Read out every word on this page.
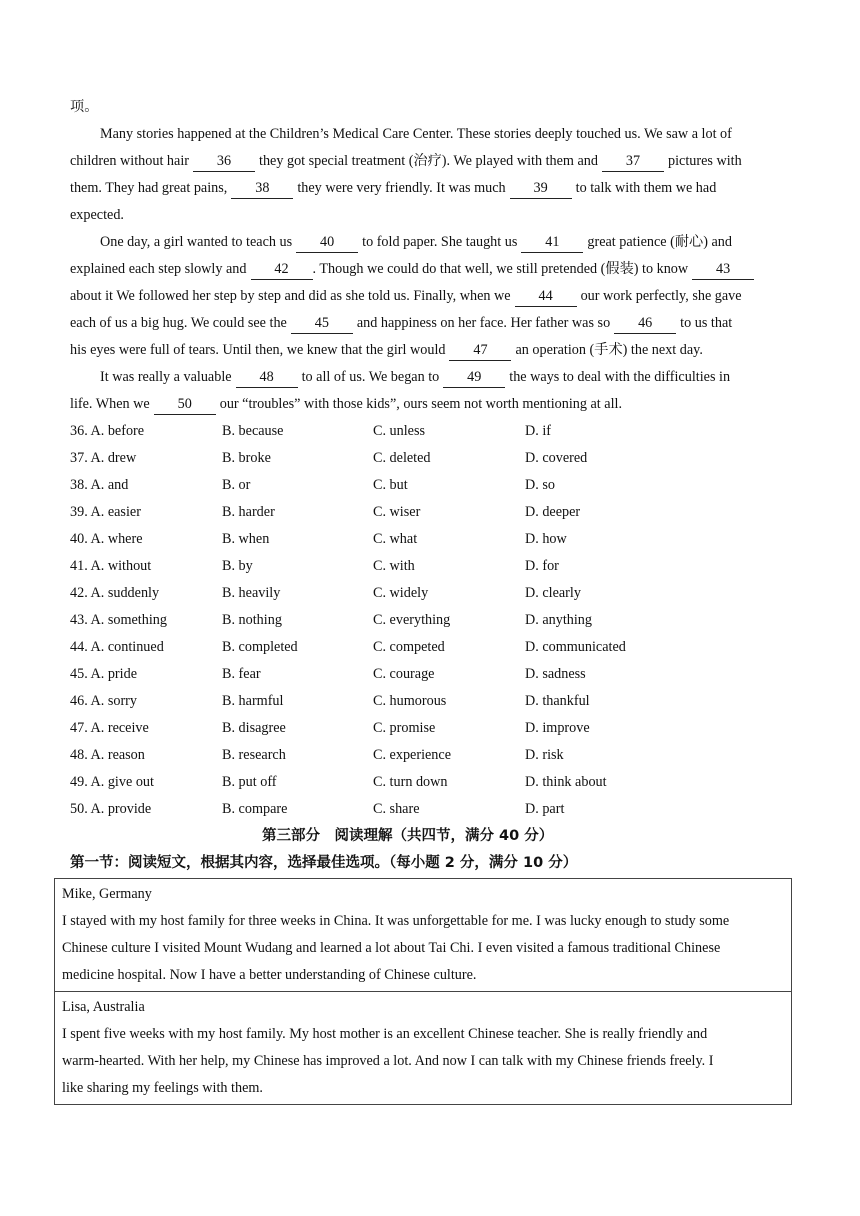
项。
Many stories happened at the Children’s Medical Care Center. These stories deeply touched us. We saw a lot of
children without hair 36 they got special treatment (治疗). We played with them and 37 pictures with
them. They had great pains, 38 they were very friendly. It was much 39 to talk with them we had
expected.
One day, a girl wanted to teach us 40 to fold paper. She taught us 41 great patience (耐心) and
explained each step slowly and 42 . Though we could do that well, we still pretended (假装) to know 43
about it We followed her step by step and did as she told us. Finally, when we 44 our work perfectly, she gave
each of us a big hug. We could see the 45 and happiness on her face. Her father was so 46 to us that
his eyes were full of tears. Until then, we knew that the girl would 47 an operation (手术) the next day.
It was really a valuable 48 to all of us. We began to 49 the ways to deal with the difficulties in
life. When we 50 our “troubles” with those kids”, ours seem not worth mentioning at all.
36. A. before	B. because	C. unless	D. if
37. A. drew	B. broke	C. deleted	D. covered
38. A. and	B. or	C. but	D. so
39. A. easier	B. harder	C. wiser	D. deeper
40. A. where	B. when	C. what	D. how
41. A. without	B. by	C. with	D. for
42. A. suddenly	B. heavily	C. widely	D. clearly
43. A. something	B. nothing	C. everything	D. anything
44. A. continued	B. completed	C. competed	D. communicated
45. A. pride	B. fear	C. courage	D. sadness
46. A. sorry	B. harmful	C. humorous	D. thankful
47. A. receive	B. disagree	C. promise	D. improve
48. A. reason	B. research	C. experience	D. risk
49. A. give out	B. put off	C. turn down	D. think about
50. A. provide	B. compare	C. share	D. part
第三部分　阅读理解（共四节，满分 40 分）
第一节：阅读短文，根据其内容，选择最佳选项。（每小题 2 分，满分 10 分）
Mike, Germany
I stayed with my host family for three weeks in China. It was unforgettable for me. I was lucky enough to study some
Chinese culture I visited Mount Wudang and learned a lot about Tai Chi. I even visited a famous traditional Chinese
medicine hospital. Now I have a better understanding of Chinese culture.
Lisa, Australia
I spent five weeks with my host family. My host mother is an excellent Chinese teacher. She is really friendly and
warm-hearted. With her help, my Chinese has improved a lot. And now I can talk with my Chinese friends freely. I
like sharing my feelings with them.
